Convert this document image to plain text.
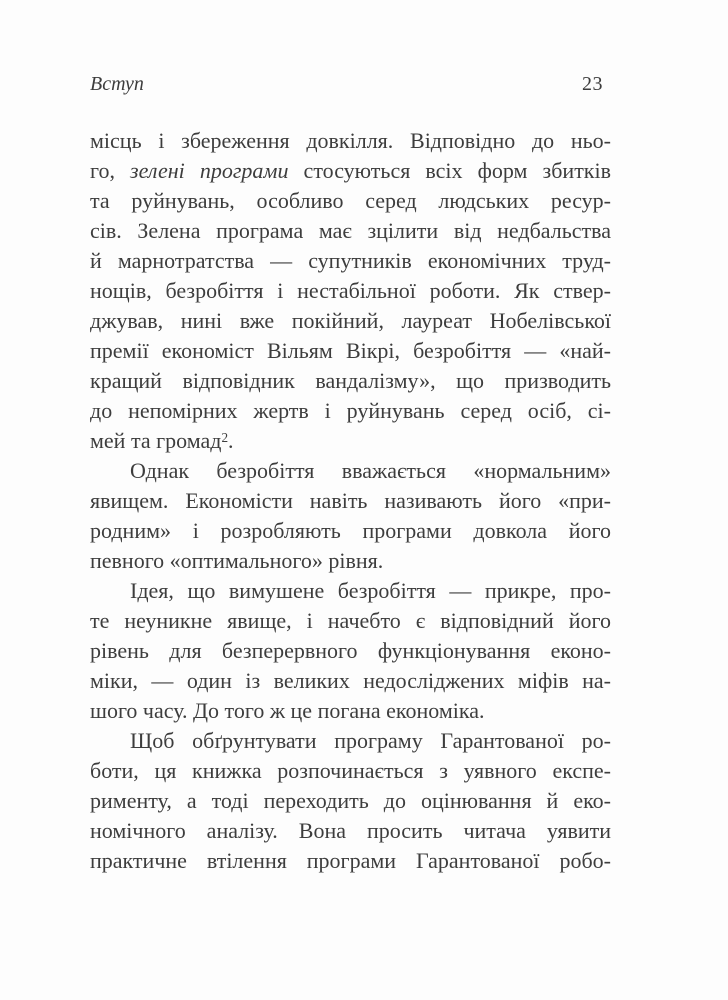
Вступ	23

місць і збереження довкілля. Відповідно до ньо-
го, зелені програми стосуються всіх форм збитків
та руйнувань, особливо серед людських ресур-
сів. Зелена програма має зцілити від недбальства
й марнотратства — супутників економічних труд-
нощів, безробіття і нестабільної роботи. Як ствер-
джував, нині вже покійний, лауреат Нобелівської
премії економіст Вільям Вікрі, безробіття — «най-
кращий відповідник вандалізму», що призводить
до непомірних жертв і руйнувань серед осіб, сі-
мей та громад$^2$.

Однак безробіття вважається «нормальним»
явищем. Економісти навіть називають його «при-
родним» і розробляють програми довкола його
певного «оптимального» рівня.

Ідея, що вимушене безробіття — прикре, про-
те неуникне явище, і начебто є відповідний його
рівень для безперервного функціонування еконо-
міки, — один із великих недосліджених міфів на-
шого часу. До того ж це погана економіка.

Щоб обґрунтувати програму Гарантованої ро-
боти, ця книжка розпочинається з уявного експе-
рименту, а тоді переходить до оцінювання й еко-
номічного аналізу. Вона просить читача уявити
практичне втілення програми Гарантованої робо-
